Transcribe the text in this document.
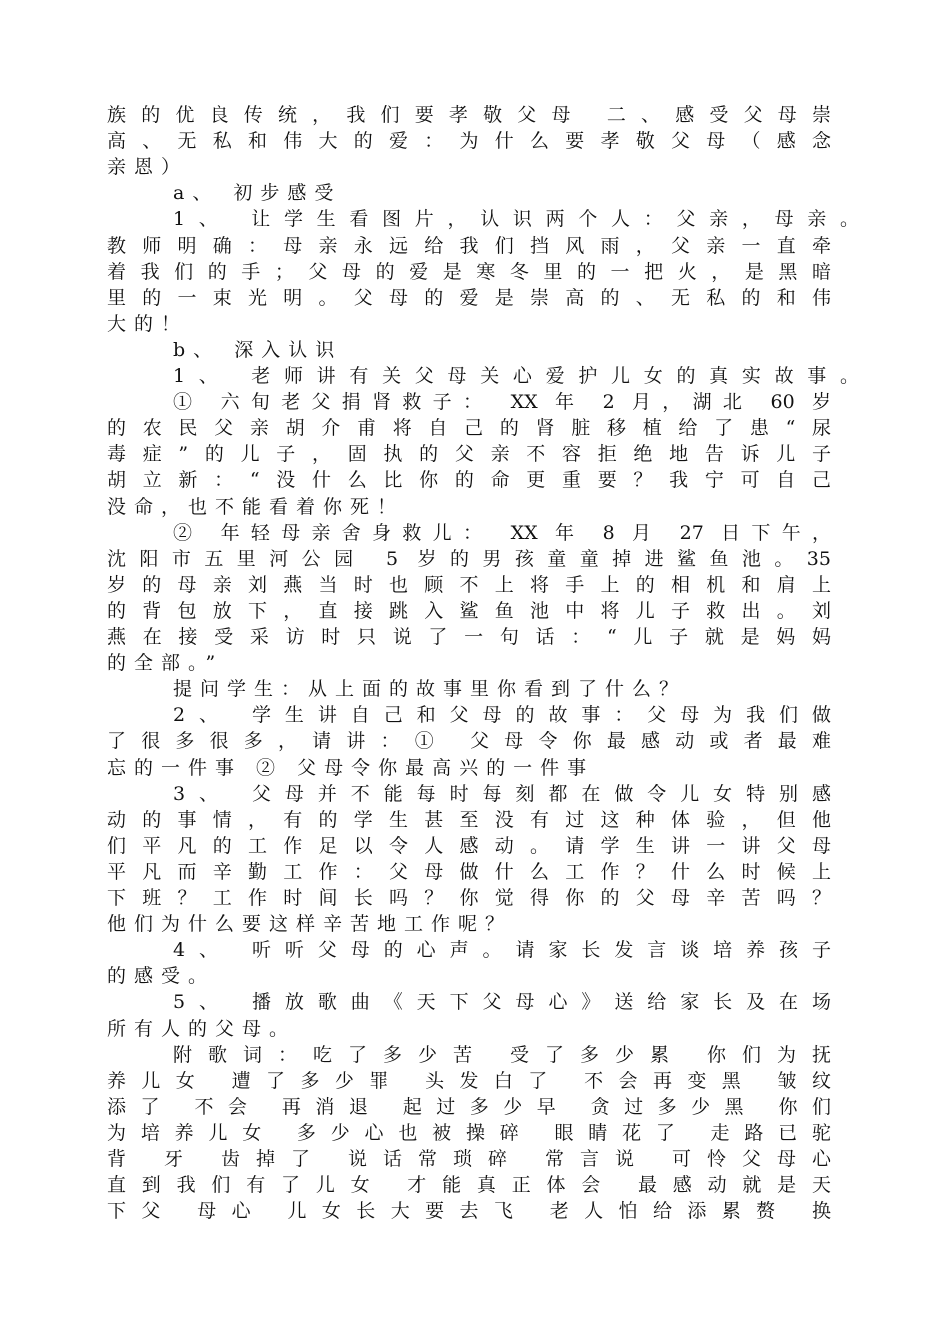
族的优良传统，我们要孝敬父母 二、感受父母崇
高、无私和伟大的爱：为什么要孝敬父母（感念
亲恩）
a、 初步感受
1、 让学生看图片，认识两个人：父亲，母亲。
教师明确：母亲永远给我们挡风雨，父亲一直牵
着我们的手；父母的爱是寒冬里的一把火，是黑暗
里的一束光明。父母的爱是崇高的、无私的和伟
大的！
b、 深入认识
1、 老师讲有关父母关心爱护儿女的真实故事。
① 六旬老父捐肾救子： XX 年 2 月，湖北 60 岁
的农民父亲胡介甫将自己的肾脏移植给了患“尿
毒症”的儿子，固执的父亲不容拒绝地告诉儿子
胡立新：“没什么比你的命更重要？我宁可自己
没命，也不能看着你死！
② 年轻母亲舍身救儿： XX 年 8 月 27 日下午，
沈阳市五里河公园 5 岁的男孩童童掉进鲨鱼池。35
岁的母亲刘燕当时也顾不上将手上的相机和肩上
的背包放下，直接跳入鲨鱼池中将儿子救出。刘
燕在接受采访时只说了一句话：“儿子就是妈妈
的全部。”
提问学生：从上面的故事里你看到了什么？
2、 学生讲自己和父母的故事：父母为我们做
了很多很多，请讲：① 父母令你最感动或者最难
忘的一件事 ② 父母令你最高兴的一件事
3、 父母并不能每时每刻都在做令儿女特别感
动的事情，有的学生甚至没有过这种体验，但他
们平凡的工作足以令人感动。请学生讲一讲父母
平凡而辛勤工作：父母做什么工作？什么时候上
下班？工作时间长吗？你觉得你的父母辛苦吗？
他们为什么要这样辛苦地工作呢？
4、 听听父母的心声。请家长发言谈培养孩子
的感受。
5、 播放歌曲《天下父母心》送给家长及在场
所有人的父母。
附歌词：吃了多少苦 受了多少累 你们为抚
养儿女 遭了多少罪 头发白了 不会再变黑 皱纹
添了 不会 再消退 起过多少早 贪过多少黑 你们
为培养儿女 多少心也被操碎 眼睛花了 走路已驼
背 牙 齿掉了 说话常琐碎 常言说 可怜父母心
直到我们有了儿女 才能真正体会 最感动就是天
下父 母心 儿女长大要去飞 老人怕给添累赘 换
